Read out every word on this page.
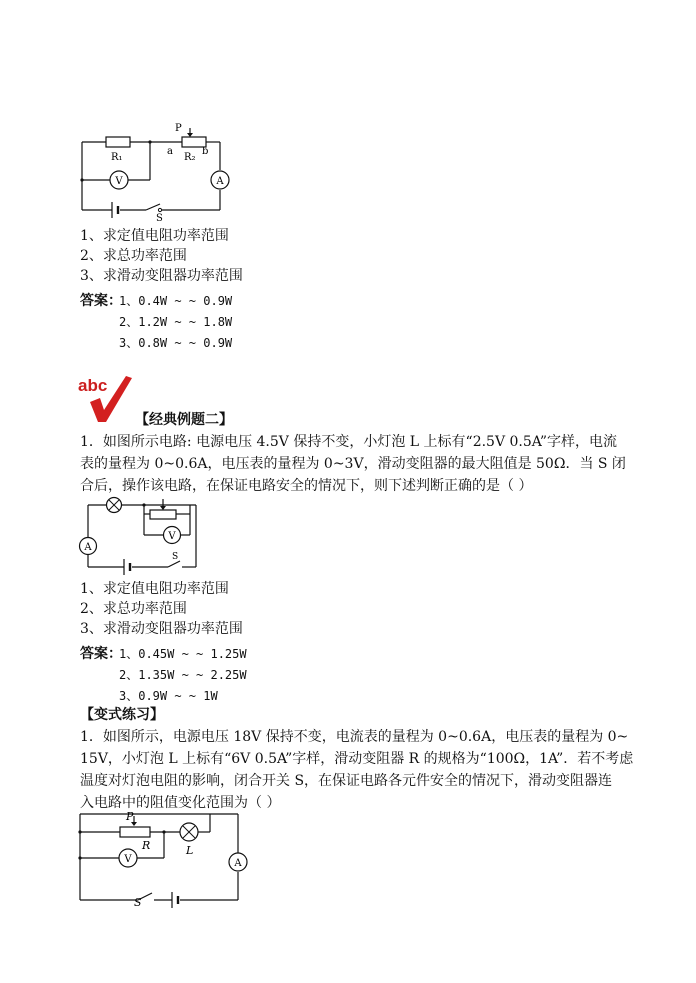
V	A
P
a	b
R₁	R₂
S
1、求定值电阻功率范围
2、求总功率范围
3、求滑动变阻器功率范围
答案：
1、0.4W ~ ~ 0.9W
2、1.2W ~ ~ 1.8W
3、0.8W ~ ~ 0.9W
abc
【经典例题二】
1．如图所示电路: 电源电压 4.5V 保持不变，小灯泡 L 上标有“2.5V 0.5A”字样，电流
表的量程为 0~0.6A，电压表的量程为 0~3V，滑动变阻器的最大阻值是 50Ω．当 S 闭
合后，操作该电路，在保证电路安全的情况下，则下述判断正确的是（ ）
V
A
S
1、求定值电阻功率范围
2、求总功率范围
3、求滑动变阻器功率范围
答案：
1、0.45W ~ ~ 1.25W
2、1.35W ~ ~ 2.25W
3、0.9W ~ ~ 1W
【变式练习】
1．如图所示，电源电压 18V 保持不变，电流表的量程为 0~0.6A，电压表的量程为 0~
15V，小灯泡 L 上标有“6V 0.5A”字样，滑动变阻器 R 的规格为“100Ω，1A”．若不考虑
温度对灯泡电阻的影响，闭合开关 S，在保证电路各元件安全的情况下，滑动变阻器连
入电路中的阻值变化范围为（ ）
V	A
P
R	L
S
